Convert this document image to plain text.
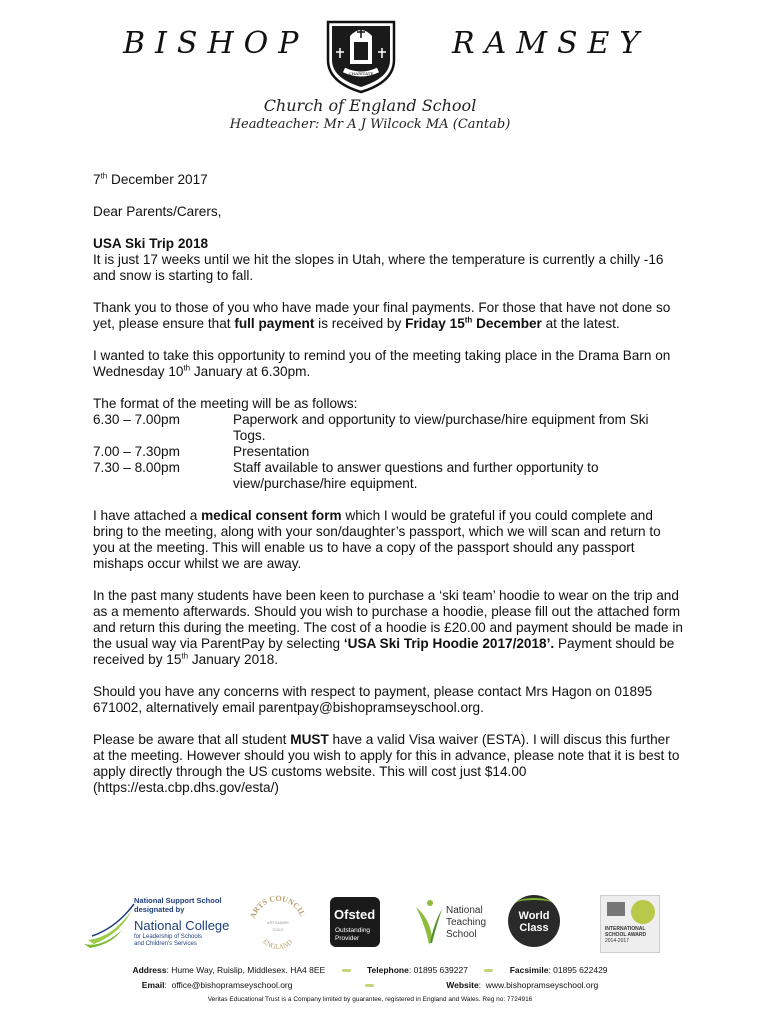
BISHOP	RAMSEY
CHARITATE
Church of England School
Headteacher: Mr A J Wilcock MA (Cantab)

7th December 2017

Dear Parents/Carers,

USA Ski Trip 2018
It is just 17 weeks until we hit the slopes in Utah, where the temperature is currently a chilly -16 and snow is starting to fall.

Thank you to those of you who have made your final payments. For those that have not done so yet, please ensure that full payment is received by Friday 15th December at the latest.

I wanted to take this opportunity to remind you of the meeting taking place in the Drama Barn on Wednesday 10th January at 6.30pm.

The format of the meeting will be as follows:
6.30 – 7.00pm	Paperwork and opportunity to view/purchase/hire equipment from Ski Togs.
7.00 – 7.30pm	Presentation
7.30 – 8.00pm	Staff available to answer questions and further opportunity to view/purchase/hire equipment.

I have attached a medical consent form which I would be grateful if you could complete and bring to the meeting, along with your son/daughter’s passport, which we will scan and return to you at the meeting. This will enable us to have a copy of the passport should any passport mishaps occur whilst we are away.

In the past many students have been keen to purchase a ‘ski team’ hoodie to wear on the trip and as a memento afterwards. Should you wish to purchase a hoodie, please fill out the attached form and return this during the meeting. The cost of a hoodie is £20.00 and payment should be made in the usual way via ParentPay by selecting ‘USA Ski Trip Hoodie 2017/2018’. Payment should be received by 15th January 2018.

Should you have any concerns with respect to payment, please contact Mrs Hagon on 01895 671002, alternatively email parentpay@bishopramseyschool.org.

Please be aware that all student MUST have a valid Visa waiver (ESTA). I will discus this further at the meeting. However should you wish to apply for this in advance, please note that it is best to apply directly through the US customs website. This will cost just $14.00 (https://esta.cbp.dhs.gov/esta/)

National Support School
designated by
National College
for Leadership of Schools
and Children's Services
ARTS COUNCIL
ARTSMARK
GOLD
ENGLAND
Ofsted
Outstanding
Provider
National
Teaching
School
World
Class	INTERNATIONAL
SCHOOL AWARD
2014-2017
Address: Hume Way, Ruislip, Middlesex. HA4 8EE	Telephone: 01895 639227	Facsimile: 01895 622429
Email:  office@bishopramseyschool.org	Website:  www.bishopramseyschool.org
Veritas Educational Trust is a Company limited by guarantee, registered in England and Wales. Reg no: 7724916
